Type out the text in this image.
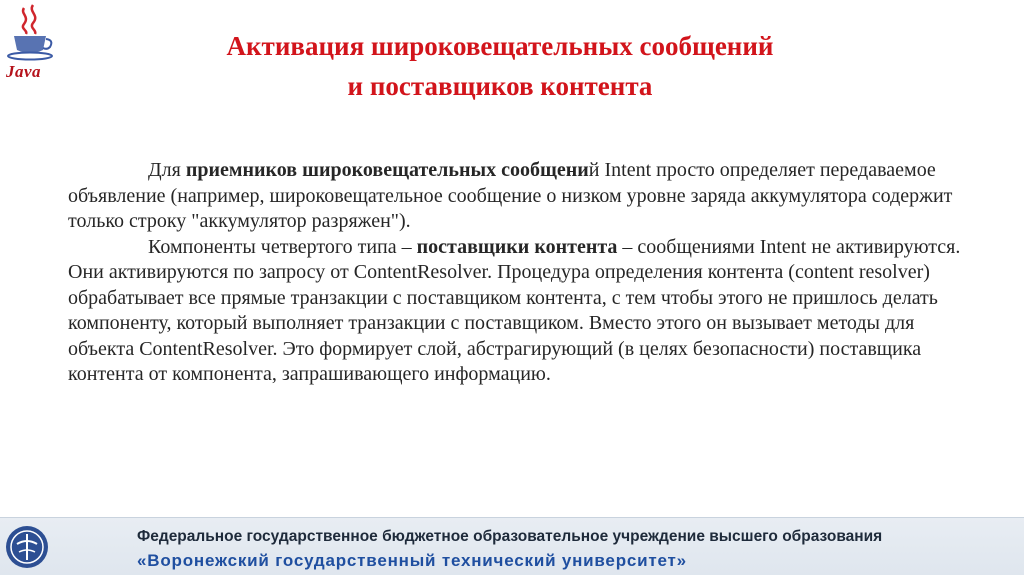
Java
Активация широковещательных сообщений
и поставщиков контента

Для приемников широковещательных сообщений Intent просто определяет передаваемое объявление (например, широковещательное сообщение о низком уровне заряда аккумулятора содержит только строку "аккумулятор разряжен").

Компоненты четвертого типа – поставщики контента – сообщениями Intent не активируются. Они активируются по запросу от ContentResolver. Процедура определения контента (content resolver) обрабатывает все прямые транзакции с поставщиком контента, с тем чтобы этого не пришлось делать компоненту, который выполняет транзакции с поставщиком. Вместо этого он вызывает методы для объекта ContentResolver. Это формирует слой, абстрагирующий (в целях безопасности) поставщика контента от компонента, запрашивающего информацию.

Федеральное государственное бюджетное образовательное учреждение высшего образования
«Воронежский государственный технический университет»
